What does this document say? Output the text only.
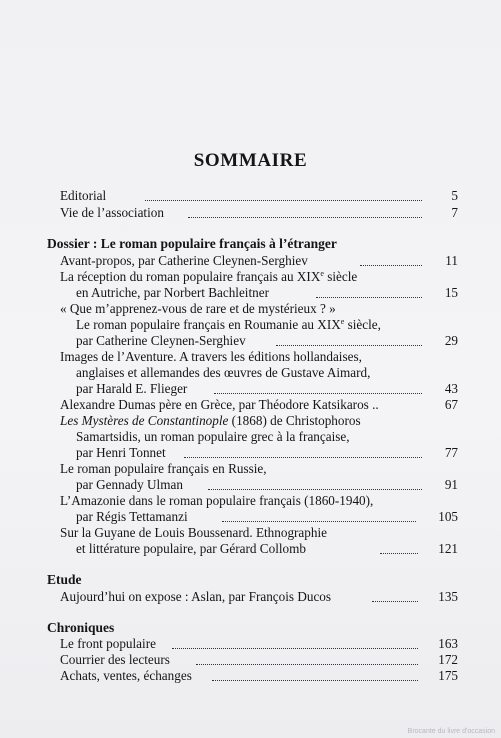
SOMMAIRE
Editorial	5
Vie de l’association	7
Dossier : Le roman populaire français à l’étranger
Avant-propos, par Catherine Cleynen-Serghiev	11
La réception du roman populaire français au XIXe siècle
en Autriche, par Norbert Bachleitner	15
« Que m’apprenez-vous de rare et de mystérieux ? »
Le roman populaire français en Roumanie au XIXe siècle,
par Catherine Cleynen-Serghiev	29
Images de l’Aventure. A travers les éditions hollandaises,
anglaises et allemandes des œuvres de Gustave Aimard,
par Harald E. Flieger	43
Alexandre Dumas père en Grèce, par Théodore Katsikaros ..	67
Les Mystères de Constantinople (1868) de Christophoros
Samartsidis, un roman populaire grec à la française,
par Henri Tonnet	77
Le roman populaire français en Russie,
par Gennady Ulman	91
L’Amazonie dans le roman populaire français (1860-1940),
par Régis Tettamanzi	105
Sur la Guyane de Louis Boussenard. Ethnographie
et littérature populaire, par Gérard Collomb	121
Etude
Aujourd’hui on expose : Aslan, par François Ducos	135
Chroniques
Le front populaire	163
Courrier des lecteurs	172
Achats, ventes, échanges	175
Brocante du livre d'occasion
